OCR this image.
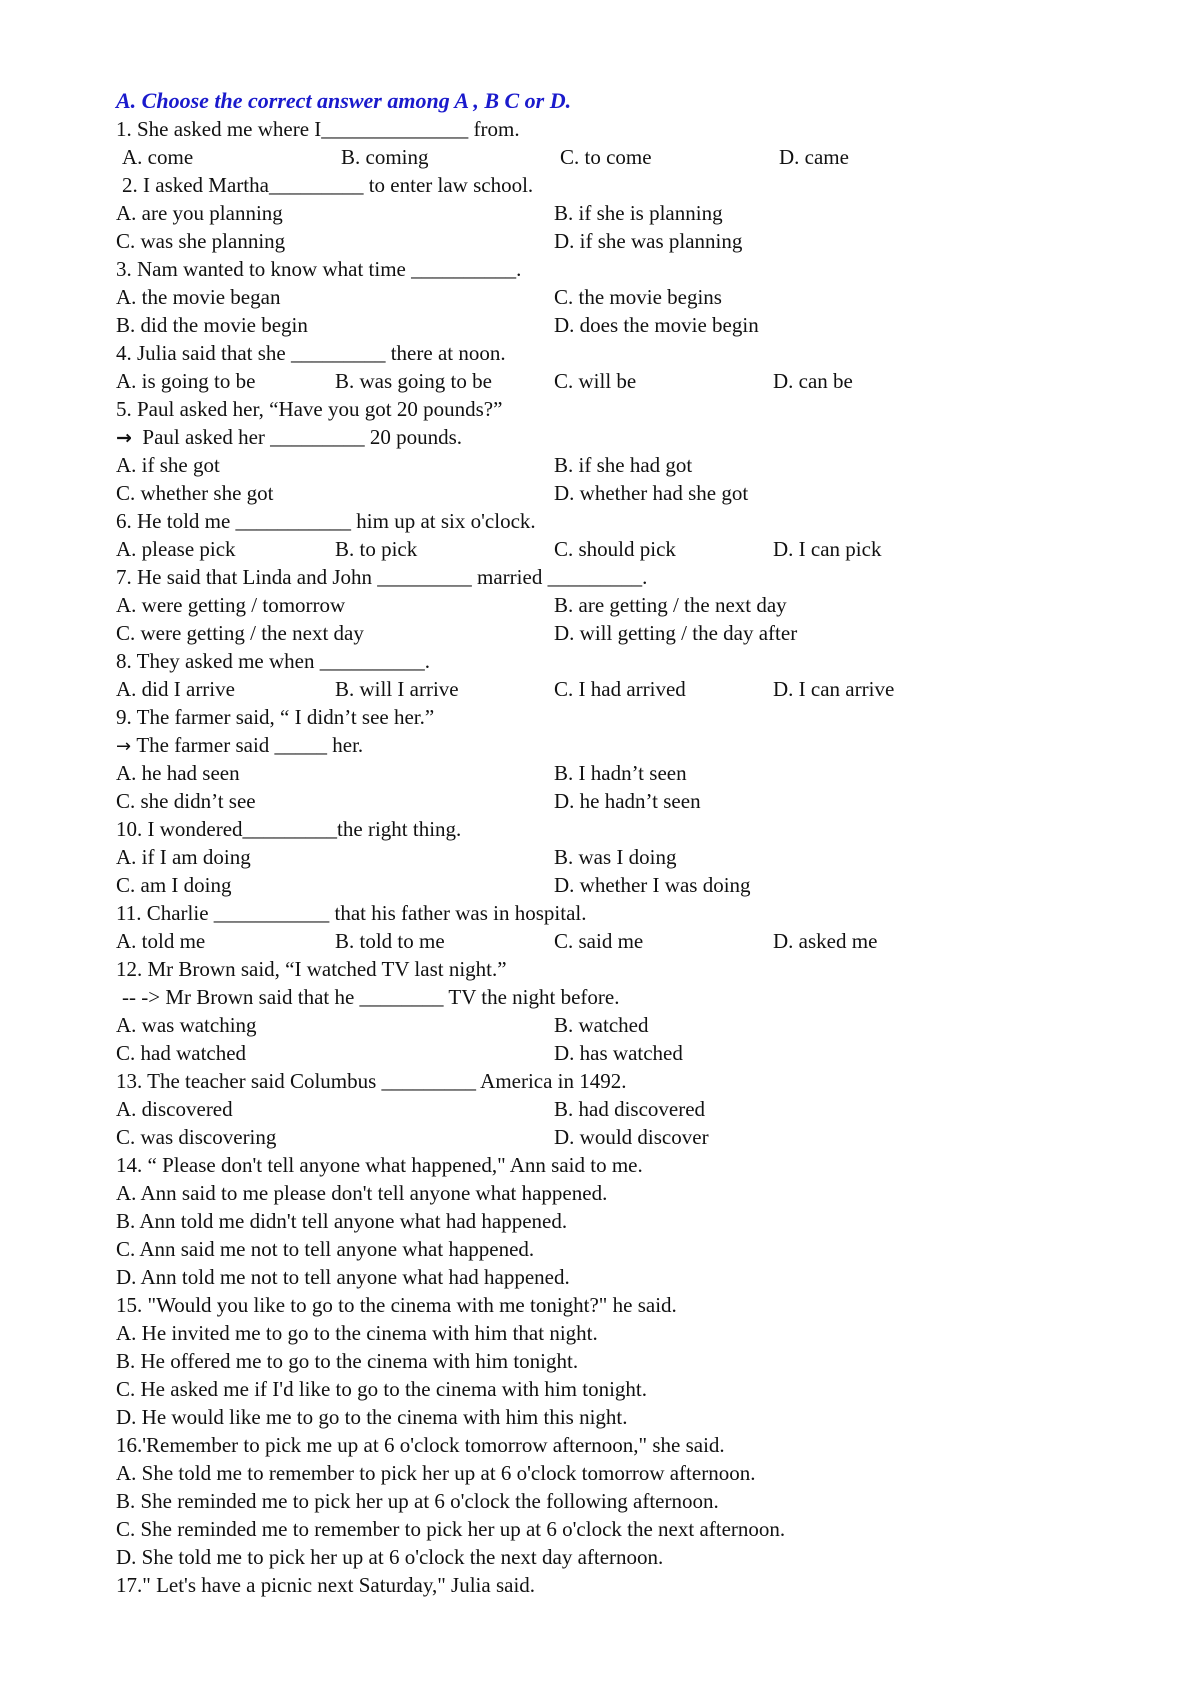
A. Choose the correct answer among A , B C or D.
1. She asked me where I______________ from.
A. come	B. coming	C. to come	D. came
2. I asked Martha_________ to enter law school.
A. are you planning	B. if she is planning
C. was she planning	D. if she was planning
3. Nam wanted to know what time __________.
A. the movie began	C. the movie begins
B. did the movie begin	D. does the movie begin
4. Julia said that she _________ there at noon.
A. is going to be	B. was going to be	C. will be	D. can be
5. Paul asked her, “Have you got 20 pounds?”
→ Paul asked her _________ 20 pounds.
A. if she got	B. if she had got
C. whether she got	D. whether had she got
6. He told me ___________ him up at six o'clock.
A. please pick	B. to pick	C. should pick	D. I can pick
7. He said that Linda and John _________ married _________.
A. were getting / tomorrow	B. are getting / the next day
C. were getting / the next day	D. will getting / the day after
8. They asked me when __________.
A. did I arrive	B. will I arrive	C. I had arrived	D. I can arrive
9. The farmer said, “ I didn’t see her.”
→ The farmer said _____ her.
A. he had seen	B. I hadn’t seen
C. she didn’t see	D. he hadn’t seen
10. I wondered_________the right thing.
A. if I am doing	B. was I doing
C. am I doing	D. whether I was doing
11. Charlie ___________ that his father was in hospital.
A. told me	B. told to me	C. said me	D. asked me
12. Mr Brown said, “I watched TV last night.”
-- -> Mr Brown said that he ________ TV the night before.
A. was watching	B. watched
C. had watched	D. has watched
13. The teacher said Columbus _________ America in 1492.
A. discovered	B. had discovered
C. was discovering	D. would discover
14. “ Please don't tell anyone what happened," Ann said to me.
A. Ann said to me please don't tell anyone what happened.
B. Ann told me didn't tell anyone what had happened.
C. Ann said me not to tell anyone what happened.
D. Ann told me not to tell anyone what had happened.
15. "Would you like to go to the cinema with me tonight?" he said.
A. He invited me to go to the cinema with him that night.
B. He offered me to go to the cinema with him tonight.
C. He asked me if I'd like to go to the cinema with him tonight.
D. He would like me to go to the cinema with him this night.
16.'Remember to pick me up at 6 o'clock tomorrow afternoon," she said.
A. She told me to remember to pick her up at 6 o'clock tomorrow afternoon.
B. She reminded me to pick her up at 6 o'clock the following afternoon.
C. She reminded me to remember to pick her up at 6 o'clock the next afternoon.
D. She told me to pick her up at 6 o'clock the next day afternoon.
17." Let's have a picnic next Saturday," Julia said.
